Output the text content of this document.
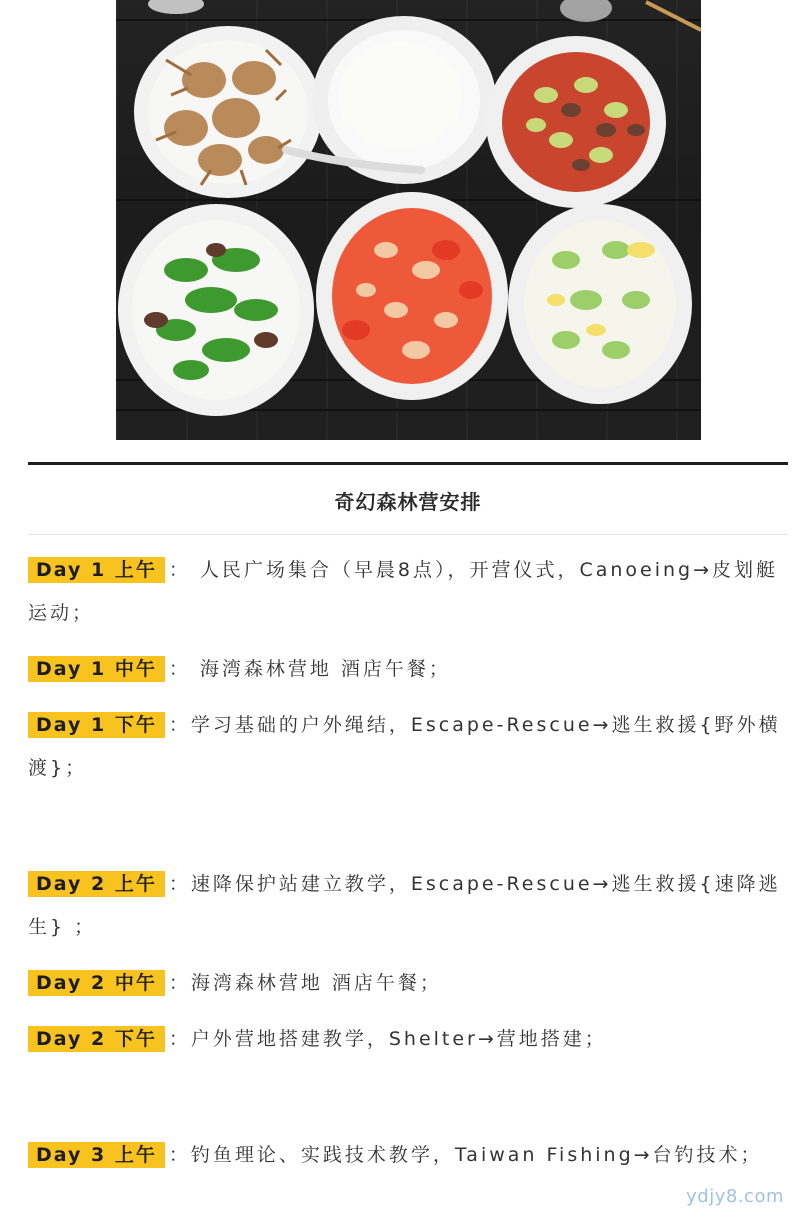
奇幻森林营安排

Day 1 上午 ： 人民广场集合（早晨8点），开营仪式，Canoeing→皮划艇运动；

Day 1 中午 ： 海湾森林营地 酒店午餐；

Day 1 下午 ：学习基础的户外绳结，Escape-Rescue→逃生救援{野外横渡}；

Day 2 上午 ：速降保护站建立教学，Escape-Rescue→逃生救援{速降逃生} ；

Day 2 中午 ：海湾森林营地 酒店午餐；

Day 2 下午 ：户外营地搭建教学，Shelter→营地搭建；

Day 3 上午 ：钓鱼理论、实践技术教学，Taiwan Fishing→台钓技术；

ydjy8.com
